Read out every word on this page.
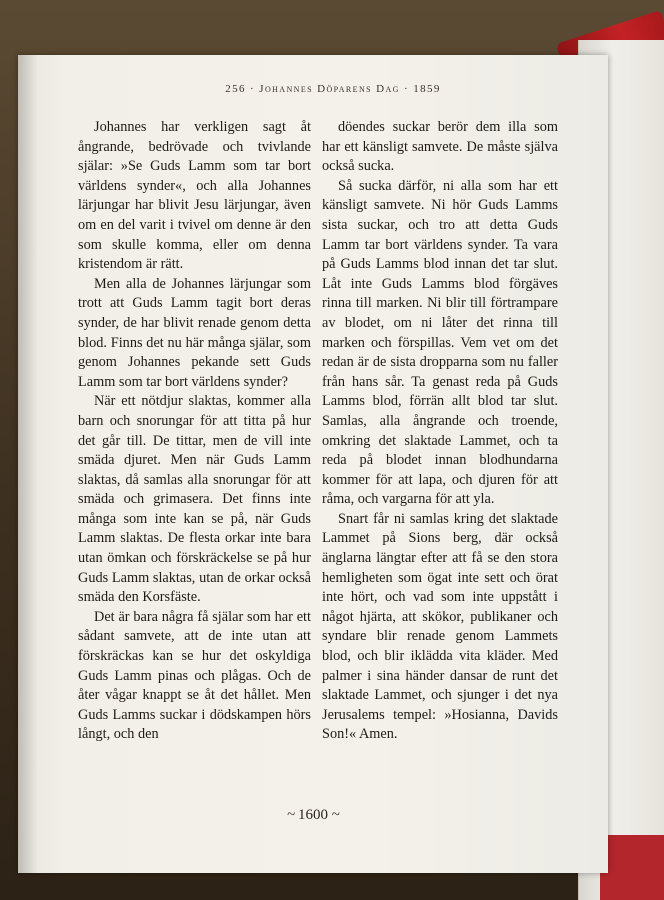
256 · Johannes Döparens Dag · 1859

Johannes har verkligen sagt åt ångrande, bedrövade och tvivlande själar: »Se Guds Lamm som tar bort världens synder«, och alla Johannes lärjungar har blivit Jesu lärjungar, även om en del varit i tvivel om denne är den som skulle komma, eller om denna kristendom är rätt.

Men alla de Johannes lärjungar som trott att Guds Lamm tagit bort deras synder, de har blivit renade genom detta blod. Finns det nu här många själar, som genom Johannes pekande sett Guds Lamm som tar bort världens synder?

När ett nötdjur slaktas, kommer alla barn och snorungar för att titta på hur det går till. De tittar, men de vill inte smäda djuret. Men när Guds Lamm slaktas, då samlas alla snorungar för att smäda och grimasera. Det finns inte många som inte kan se på, när Guds Lamm slaktas. De flesta orkar inte bara utan ömkan och förskräckelse se på hur Guds Lamm slaktas, utan de orkar också smäda den Korsfäste.

Det är bara några få själar som har ett sådant samvete, att de inte utan att förskräckas kan se hur det oskyldiga Guds Lamm pinas och plågas. Och de åter vågar knappt se åt det hållet. Men Guds Lamms suckar i dödskampen hörs långt, och den

döendes suckar berör dem illa som har ett känsligt samvete. De måste själva också sucka.

Så sucka därför, ni alla som har ett känsligt samvete. Ni hör Guds Lamms sista suckar, och tro att detta Guds Lamm tar bort världens synder. Ta vara på Guds Lamms blod innan det tar slut. Låt inte Guds Lamms blod förgäves rinna till marken. Ni blir till förtrampare av blodet, om ni låter det rinna till marken och förspillas. Vem vet om det redan är de sista dropparna som nu faller från hans sår. Ta genast reda på Guds Lamms blod, förrän allt blod tar slut. Samlas, alla ångrande och troende, omkring det slaktade Lammet, och ta reda på blodet innan blodhundarna kommer för att lapa, och djuren för att råma, och vargarna för att yla.

Snart får ni samlas kring det slaktade Lammet på Sions berg, där också änglarna längtar efter att få se den stora hemligheten som ögat inte sett och örat inte hört, och vad som inte uppstått i något hjärta, att skökor, publikaner och syndare blir renade genom Lammets blod, och blir iklädda vita kläder. Med palmer i sina händer dansar de runt det slaktade Lammet, och sjunger i det nya Jerusalems tempel: »Hosianna, Davids Son!« Amen.

~ 1600 ~
